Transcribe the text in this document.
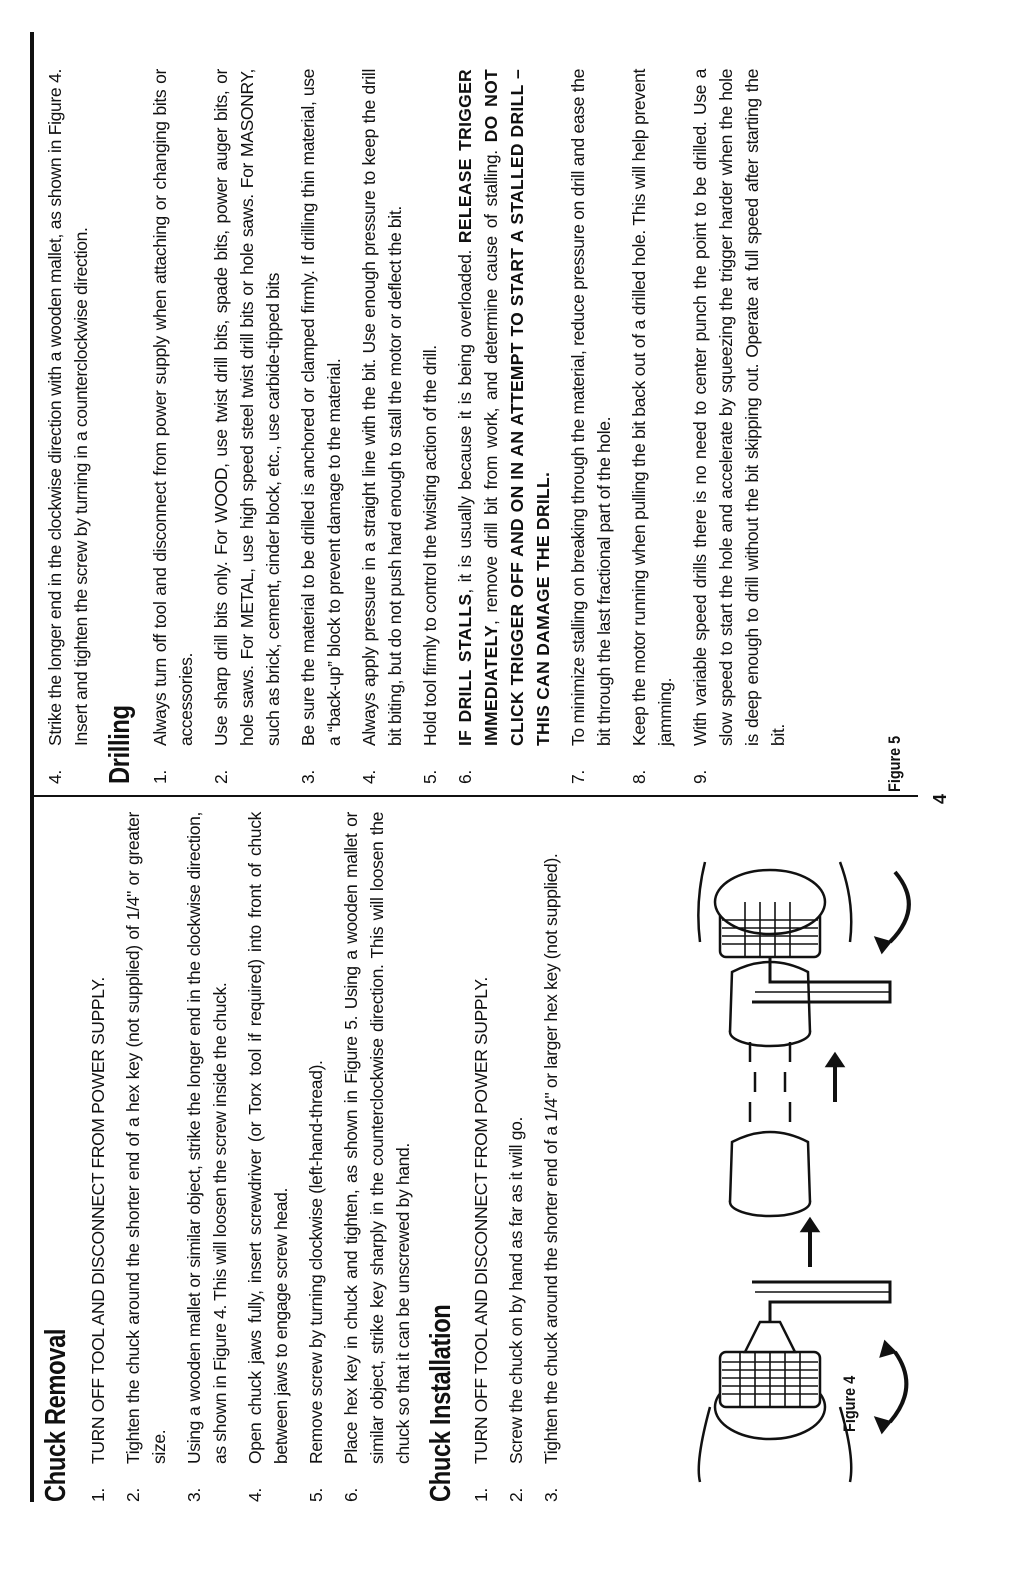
Chuck Removal 1.
TURN OFF TOOL AND DISCONNECT FROM POWER SUPPLY.
2.
Tighten the chuck around the shorter end of a hex key (not supplied) of 1/4" or greater size.
3.
Using a wooden mallet or similar object, strike the longer end in the clockwise direction, as shown in Figure 4. This will loosen the screw inside the chuck.
4.
Open chuck jaws fully, insert screwdriver (or Torx tool if required) into front of chuck between jaws to engage screw head.
5.
Remove screw by turning clockwise (left-hand-thread).
6.
Place hex key in chuck and tighten, as shown in Figure 5. Using a wooden mallet or similar object, strike key sharply in the counterclockwise direction. This will loosen the chuck so that it can be unscrewed by hand. Chuck Installation 1.
TURN OFF TOOL AND DISCONNECT FROM POWER SUPPLY.
2.
Screw the chuck on by hand as far as it will go.
3.
Tighten the chuck around the shorter end of a 1/4" or larger hex key (not supplied).	Figure 4
Figure 5
4.
Strike the longer end in the clockwise direction with a wooden mallet, as shown in Figure 4. Insert and tighten the screw by turning in a counterclockwise direction. Drilling 1.
Always turn off tool and disconnect from power supply when attaching or changing bits or accessories.
2.
Use sharp drill bits only. For WOOD, use twist drill bits, spade bits, power auger bits, or hole saws. For METAL, use high speed steel twist drill bits or hole saws. For MASONRY, such as brick, cement, cinder block, etc., use carbide-tipped bits
3.
Be sure the material to be drilled is anchored or clamped firmly. If drilling thin material, use a “back-up” block to prevent damage to the material.
4.
Always apply pressure in a straight line with the bit. Use enough pressure to keep the drill bit biting, but do not push hard enough to stall the motor or deflect the bit.
5.
Hold tool firmly to control the twisting action of the drill.
6.
IF DRILL STALLS, it is usually because it is being overloaded. RELEASE TRIGGER IMMEDIATELY, remove drill bit from work, and determine cause of stalling. DO NOT CLICK TRIGGER OFF AND ON IN AN ATTEMPT TO START A STALLED DRILL – THIS CAN DAMAGE THE DRILL.
7.
To minimize stalling on breaking through the material, reduce pressure on drill and ease the bit through the last fractional part of the hole.
8.
Keep the motor running when pulling the bit back out of a drilled hole. This will help prevent jamming.
9.
With variable speed drills there is no need to center punch the point to be drilled. Use a slow speed to start the hole and accelerate by squeezing the trigger harder when the hole is deep enough to drill without the bit skipping out. Operate at full speed after starting the bit.
4
